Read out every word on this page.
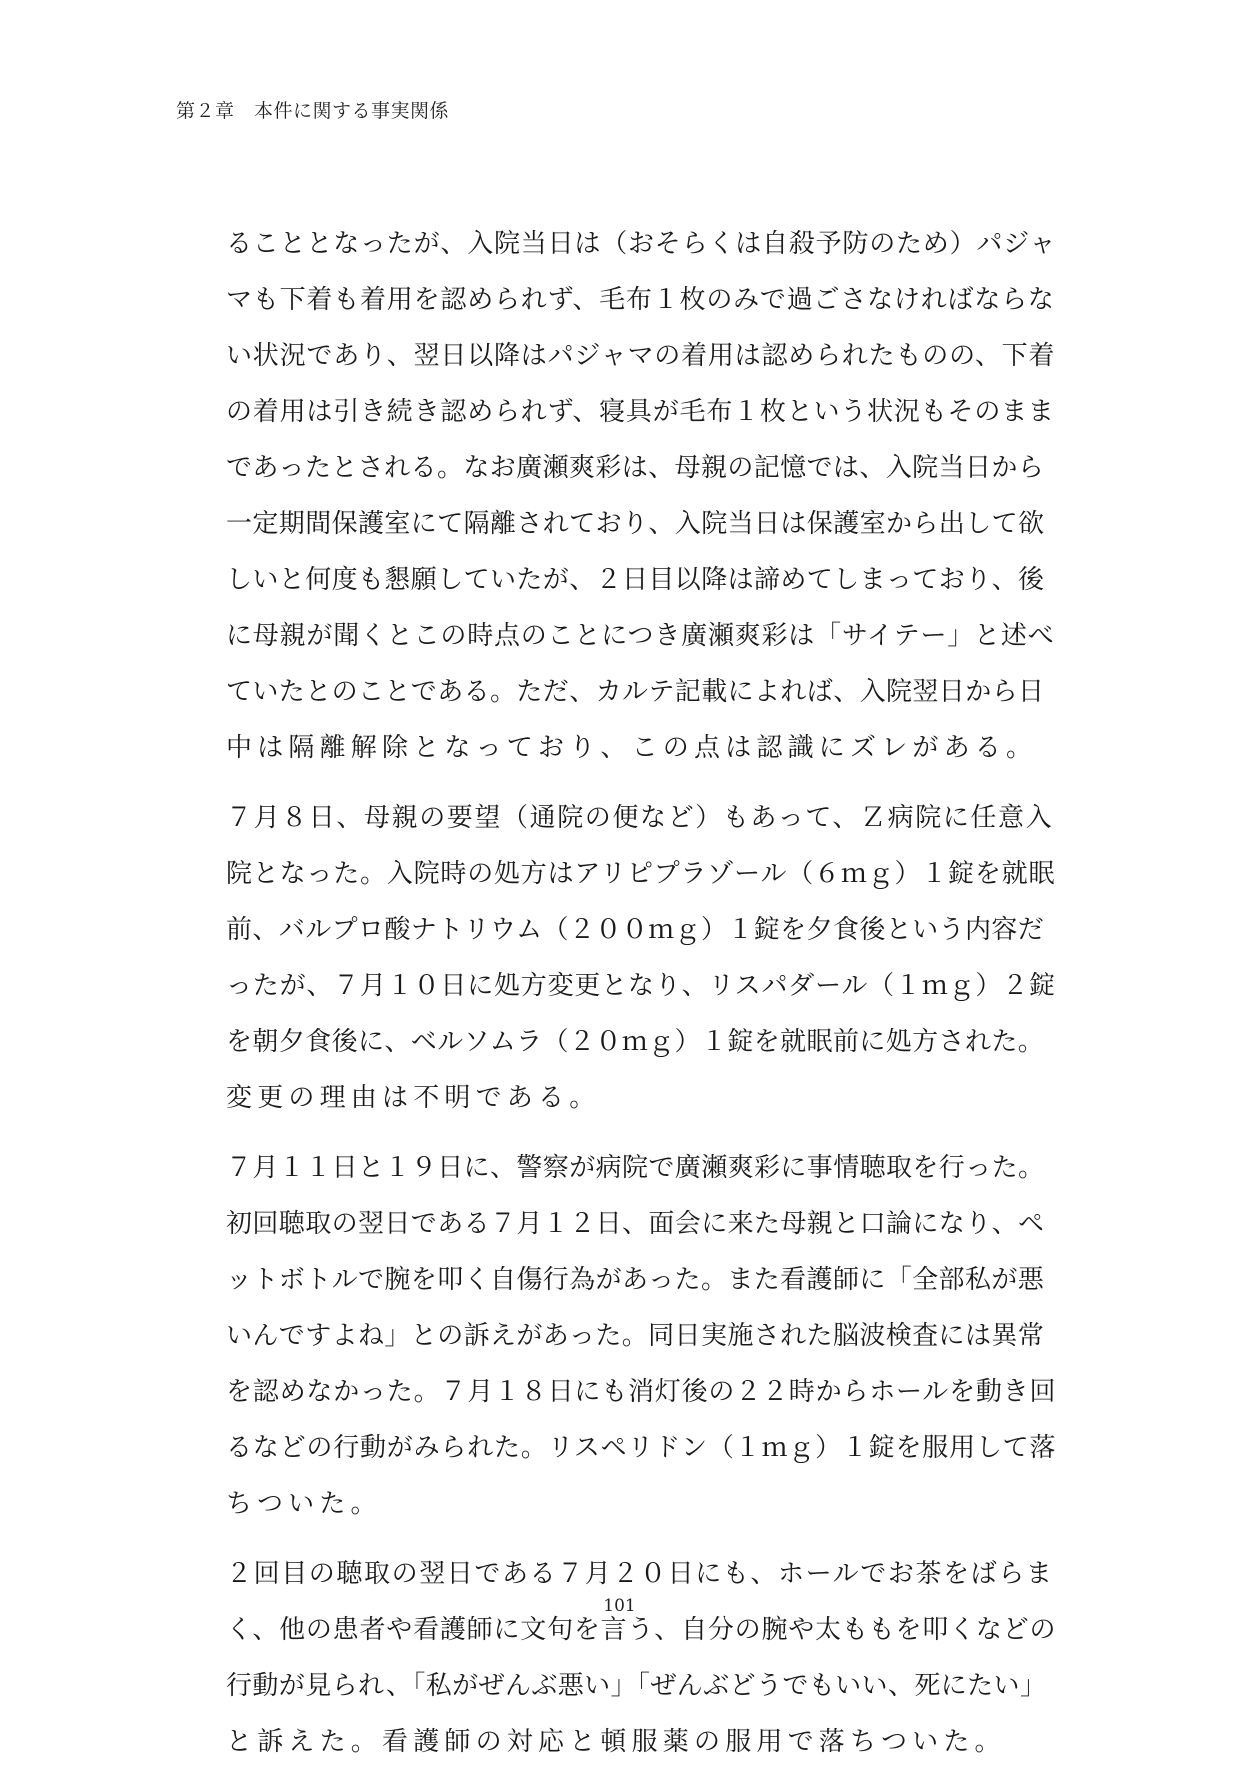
第２章　本件に関する事実関係
ることとなったが、入院当日は（おそらくは自殺予防のため）パジャ
マも下着も着用を認められず、毛布１枚のみで過ごさなければならな
い状況であり、翌日以降はパジャマの着用は認められたものの、下着
の着用は引き続き認められず、寝具が毛布１枚という状況もそのまま
であったとされる。なお廣瀬爽彩は、母親の記憶では、入院当日から
一定期間保護室にて隔離されており、入院当日は保護室から出して欲
しいと何度も懇願していたが、２日目以降は諦めてしまっており、後
に母親が聞くとこの時点のことにつき廣瀬爽彩は「サイテー」と述べ
ていたとのことである。ただ、カルテ記載によれば、入院翌日から日
中は隔離解除となっており、この点は認識にズレがある。
７月８日、母親の要望（通院の便など）もあって、Ｚ病院に任意入
院となった。入院時の処方はアリピプラゾール（６ｍｇ）１錠を就眠
前、バルプロ酸ナトリウム（２００ｍｇ）１錠を夕食後という内容だ
ったが、７月１０日に処方変更となり、リスパダール（１ｍｇ）２錠
を朝夕食後に、ベルソムラ（２０ｍｇ）１錠を就眠前に処方された。
変更の理由は不明である。
７月１１日と１９日に、警察が病院で廣瀬爽彩に事情聴取を行った。
初回聴取の翌日である７月１２日、面会に来た母親と口論になり、ペ
ットボトルで腕を叩く自傷行為があった。また看護師に「全部私が悪
いんですよね」との訴えがあった。同日実施された脳波検査には異常
を認めなかった。７月１８日にも消灯後の２２時からホールを動き回
るなどの行動がみられた。リスペリドン（１ｍｇ）１錠を服用して落
ちついた。
２回目の聴取の翌日である７月２０日にも、ホールでお茶をばらま
く、他の患者や看護師に文句を言う、自分の腕や太ももを叩くなどの
行動が見られ、「私がぜんぶ悪い」「ぜんぶどうでもいい、死にたい」
と訴えた。看護師の対応と頓服薬の服用で落ちついた。
101
